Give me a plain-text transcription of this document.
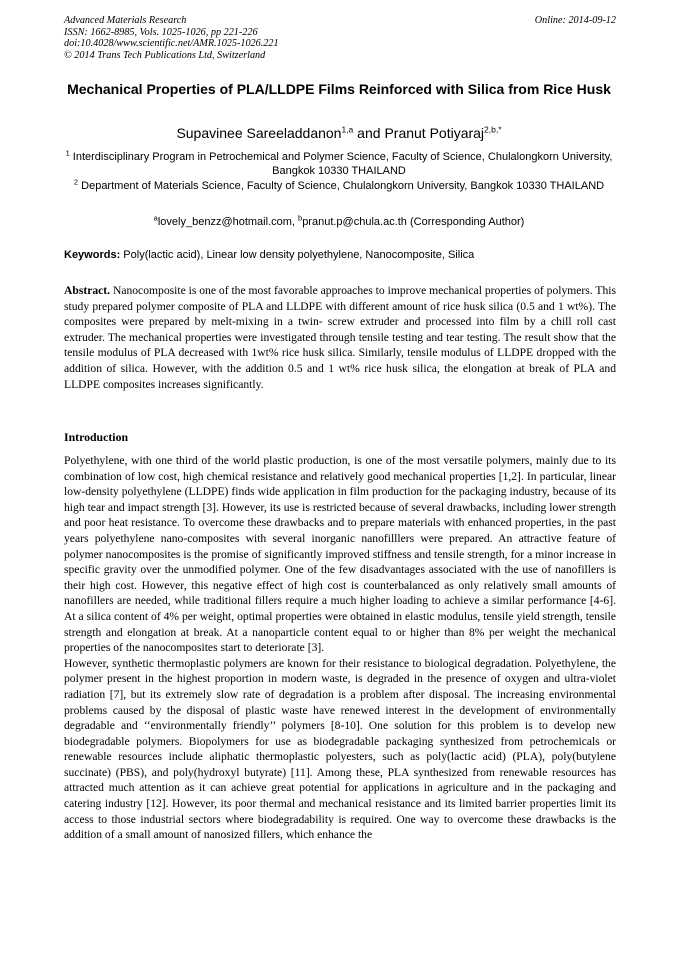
Advanced Materials Research
ISSN: 1662-8985, Vols. 1025-1026, pp 221-226
doi:10.4028/www.scientific.net/AMR.1025-1026.221
© 2014 Trans Tech Publications Ltd, Switzerland
Online: 2014-09-12
Mechanical Properties of PLA/LLDPE Films Reinforced with Silica from Rice Husk
Supavinee Sareeladdanon$^{1,a}$ and Pranut Potiyaraj$^{2,b,*}$
$^1$ Interdisciplinary Program in Petrochemical and Polymer Science, Faculty of Science, Chulalongkorn University, Bangkok 10330 THAILAND
$^2$ Department of Materials Science, Faculty of Science, Chulalongkorn University, Bangkok 10330 THAILAND
$^a$lovely_benzz@hotmail.com, $^b$pranut.p@chula.ac.th (Corresponding Author)
Keywords: Poly(lactic acid), Linear low density polyethylene, Nanocomposite, Silica
Abstract. Nanocomposite is one of the most favorable approaches to improve mechanical properties of polymers. This study prepared polymer composite of PLA and LLDPE with different amount of rice husk silica (0.5 and 1 wt%). The composites were prepared by melt-mixing in a twin- screw extruder and processed into film by a chill roll cast extruder. The mechanical properties were investigated through tensile testing and tear testing. The result show that the tensile modulus of PLA decreased with 1wt% rice husk silica. Similarly, tensile modulus of LLDPE dropped with the addition of silica. However, with the addition 0.5 and 1 wt% rice husk silica, the elongation at break of PLA and LLDPE composites increases significantly.
Introduction

Polyethylene, with one third of the world plastic production, is one of the most versatile polymers, mainly due to its combination of low cost, high chemical resistance and relatively good mechanical properties [1,2]. In particular, linear low-density polyethylene (LLDPE) finds wide application in film production for the packaging industry, because of its high tear and impact strength [3]. However, its use is restricted because of several drawbacks, including lower strength and poor heat resistance. To overcome these drawbacks and to prepare materials with enhanced properties, in the past years polyethylene nano-composites with several inorganic nanofilllers were prepared. An attractive feature of polymer nanocomposites is the promise of significantly improved stiffness and tensile strength, for a minor increase in specific gravity over the unmodified polymer. One of the few disadvantages associated with the use of nanofillers is their high cost. However, this negative effect of high cost is counterbalanced as only relatively small amounts of nanofillers are needed, while traditional fillers require a much higher loading to achieve a similar performance [4-6]. At a silica content of 4% per weight, optimal properties were obtained in elastic modulus, tensile yield strength, tensile strength and elongation at break. At a nanoparticle content equal to or higher than 8% per weight the mechanical properties of the nanocomposites start to deteriorate [3].

However, synthetic thermoplastic polymers are known for their resistance to biological degradation. Polyethylene, the polymer present in the highest proportion in modern waste, is degraded in the presence of oxygen and ultra-violet radiation [7], but its extremely slow rate of degradation is a problem after disposal. The increasing environmental problems caused by the disposal of plastic waste have renewed interest in the development of environmentally degradable and ‘‘environmentally friendly’’ polymers [8-10]. One solution for this problem is to develop new biodegradable polymers. Biopolymers for use as biodegradable packaging synthesized from petrochemicals or renewable resources include aliphatic thermoplastic polyesters, such as poly(lactic acid) (PLA), poly(butylene succinate) (PBS), and poly(hydroxyl butyrate) [11]. Among these, PLA synthesized from renewable resources has attracted much attention as it can achieve great potential for applications in agriculture and in the packaging and catering industry [12]. However, its poor thermal and mechanical resistance and its limited barrier properties limit its access to those industrial sectors where biodegradability is required. One way to overcome these drawbacks is the addition of a small amount of nanosized fillers, which enhance the
